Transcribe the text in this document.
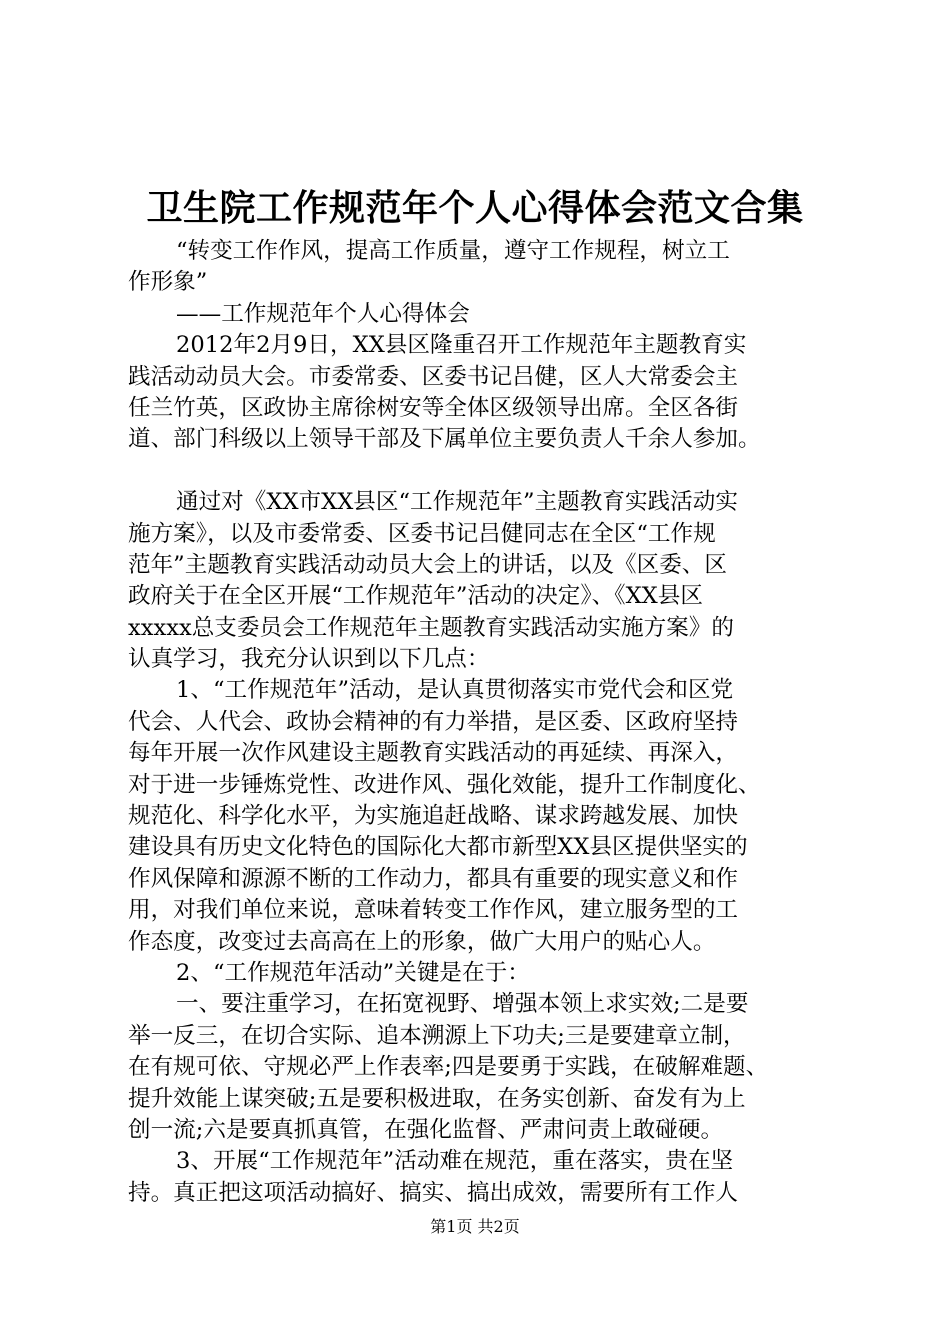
卫生院工作规范年个人心得体会范文合集
“转变工作作风，提高工作质量，遵守工作规程，树立工
作形象”
——工作规范年个人心得体会
2012年2月9日，XX县区隆重召开工作规范年主题教育实
践活动动员大会。市委常委、区委书记吕健，区人大常委会主
任兰竹英，区政协主席徐树安等全体区级领导出席。全区各街
道、部门科级以上领导干部及下属单位主要负责人千余人参加。
通过对《XX市XX县区“工作规范年”主题教育实践活动实
施方案》，以及市委常委、区委书记吕健同志在全区“工作规
范年”主题教育实践活动动员大会上的讲话，以及《区委、区
政府关于在全区开展“工作规范年”活动的决定》、《XX县区
xxxxx总支委员会工作规范年主题教育实践活动实施方案》的
认真学习，我充分认识到以下几点：
1、“工作规范年”活动，是认真贯彻落实市党代会和区党
代会、人代会、政协会精神的有力举措，是区委、区政府坚持
每年开展一次作风建设主题教育实践活动的再延续、再深入，
对于进一步锤炼党性、改进作风、强化效能，提升工作制度化、
规范化、科学化水平，为实施追赶战略、谋求跨越发展、加快
建设具有历史文化特色的国际化大都市新型XX县区提供坚实的
作风保障和源源不断的工作动力，都具有重要的现实意义和作
用，对我们单位来说，意味着转变工作作风，建立服务型的工
作态度，改变过去高高在上的形象，做广大用户的贴心人。
2、“工作规范年活动”关键是在于：
一、要注重学习，在拓宽视野、增强本领上求实效;二是要
举一反三，在切合实际、追本溯源上下功夫;三是要建章立制，
在有规可依、守规必严上作表率;四是要勇于实践，在破解难题、
提升效能上谋突破;五是要积极进取，在务实创新、奋发有为上
创一流;六是要真抓真管，在强化监督、严肃问责上敢碰硬。
3、开展“工作规范年”活动难在规范，重在落实，贵在坚
持。真正把这项活动搞好、搞实、搞出成效，需要所有工作人
第1页 共2页
